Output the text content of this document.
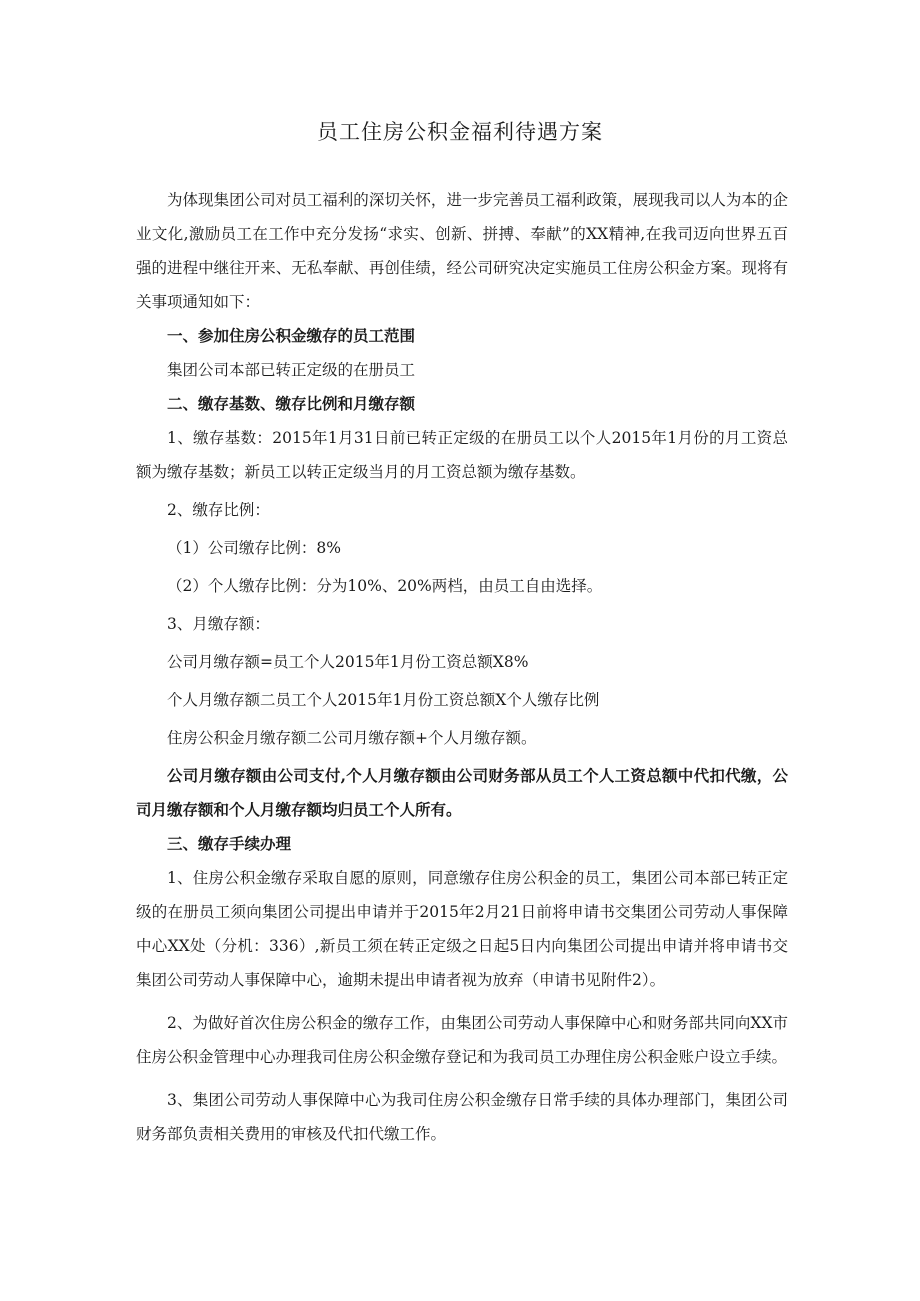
员工住房公积金福利待遇方案

为体现集团公司对员工福利的深切关怀，进一步完善员工福利政策，展现我司以人为本的企业文化,激励员工在工作中充分发扬“求实、创新、拼搏、奉献”的XX精神,在我司迈向世界五百强的进程中继往开来、无私奉献、再创佳绩，经公司研究决定实施员工住房公积金方案。现将有关事项通知如下：

一、参加住房公积金缴存的员工范围

集团公司本部已转正定级的在册员工

二、缴存基数、缴存比例和月缴存额

1、缴存基数：2015年1月31日前已转正定级的在册员工以个人2015年1月份的月工资总额为缴存基数；新员工以转正定级当月的月工资总额为缴存基数。

2、缴存比例：

（1）公司缴存比例：8%

（2）个人缴存比例：分为10%、20%两档，由员工自由选择。

3、月缴存额：

公司月缴存额=员工个人2015年1月份工资总额X8%

个人月缴存额二员工个人2015年1月份工资总额X个人缴存比例

住房公积金月缴存额二公司月缴存额+个人月缴存额。

公司月缴存额由公司支付,个人月缴存额由公司财务部从员工个人工资总额中代扣代缴，公司月缴存额和个人月缴存额均归员工个人所有。

三、缴存手续办理

1、住房公积金缴存采取自愿的原则，同意缴存住房公积金的员工，集团公司本部已转正定级的在册员工须向集团公司提出申请并于2015年2月21日前将申请书交集团公司劳动人事保障中心XX处（分机：336）,新员工须在转正定级之日起5日内向集团公司提出申请并将申请书交集团公司劳动人事保障中心，逾期未提出申请者视为放弃（申请书见附件2）。

2、为做好首次住房公积金的缴存工作，由集团公司劳动人事保障中心和财务部共同向XX市住房公积金管理中心办理我司住房公积金缴存登记和为我司员工办理住房公积金账户设立手续。

3、集团公司劳动人事保障中心为我司住房公积金缴存日常手续的具体办理部门，集团公司财务部负责相关费用的审核及代扣代缴工作。
